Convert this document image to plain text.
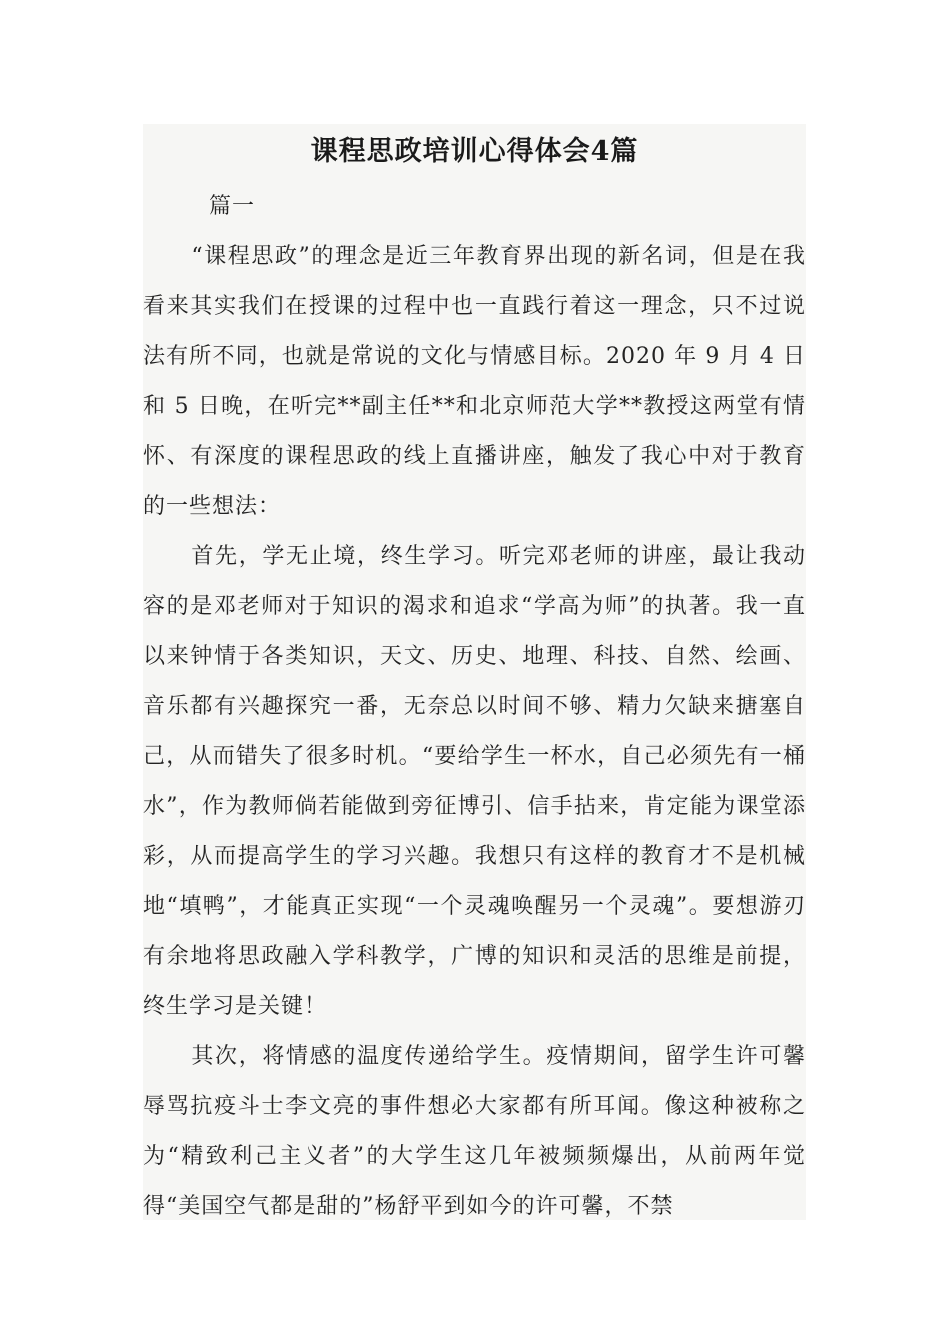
课程思政培训心得体会4篇

篇一

“课程思政”的理念是近三年教育界出现的新名词，但是在我看来其实我们在授课的过程中也一直践行着这一理念，只不过说法有所不同，也就是常说的文化与情感目标。2020 年 9 月 4 日和 5 日晚，在听完**副主任**和北京师范大学**教授这两堂有情怀、有深度的课程思政的线上直播讲座，触发了我心中对于教育的一些想法：

首先，学无止境，终生学习。听完邓老师的讲座，最让我动容的是邓老师对于知识的渴求和追求“学高为师”的执著。我一直以来钟情于各类知识，天文、历史、地理、科技、自然、绘画、音乐都有兴趣探究一番，无奈总以时间不够、精力欠缺来搪塞自己，从而错失了很多时机。“要给学生一杯水，自己必须先有一桶水”，作为教师倘若能做到旁征博引、信手拈来，肯定能为课堂添彩，从而提高学生的学习兴趣。我想只有这样的教育才不是机械地“填鸭”，才能真正实现“一个灵魂唤醒另一个灵魂”。要想游刃有余地将思政融入学科教学，广博的知识和灵活的思维是前提，终生学习是关键！

其次，将情感的温度传递给学生。疫情期间，留学生许可馨辱骂抗疫斗士李文亮的事件想必大家都有所耳闻。像这种被称之为“精致利己主义者”的大学生这几年被频频爆出，从前两年觉得“美国空气都是甜的”杨舒平到如今的许可馨，不禁
